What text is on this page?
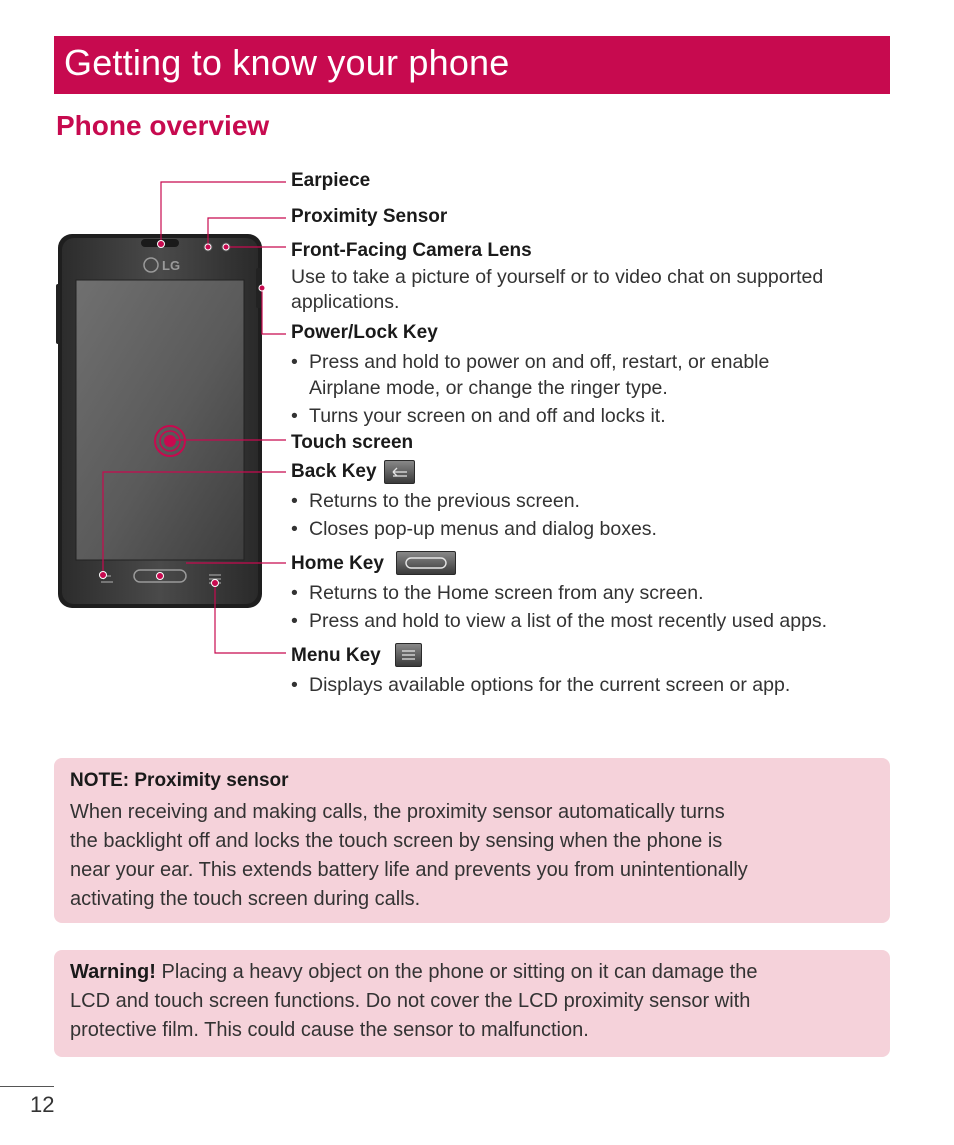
Getting to know your phone
Phone overview
LG
Earpiece
Proximity Sensor
Front-Facing Camera Lens
Use to take a picture of yourself or to video chat on supported
applications.
Power/Lock Key
• Press and hold to power on and off, restart, or enable
Airplane mode, or change the ringer type.
• Turns your screen on and off and locks it.
Touch screen
Back Key
• Returns to the previous screen.
• Closes pop-up menus and dialog boxes.
Home Key
• Returns to the Home screen from any screen.
• Press and hold to view a list of the most recently used apps.
Menu Key
• Displays available options for the current screen or app.
NOTE: Proximity sensor
When receiving and making calls, the proximity sensor automatically turns
the backlight off and locks the touch screen by sensing when the phone is
near your ear. This extends battery life and prevents you from unintentionally
activating the touch screen during calls.
Warning! Placing a heavy object on the phone or sitting on it can damage the
LCD and touch screen functions. Do not cover the LCD proximity sensor with
protective film. This could cause the sensor to malfunction.
12
